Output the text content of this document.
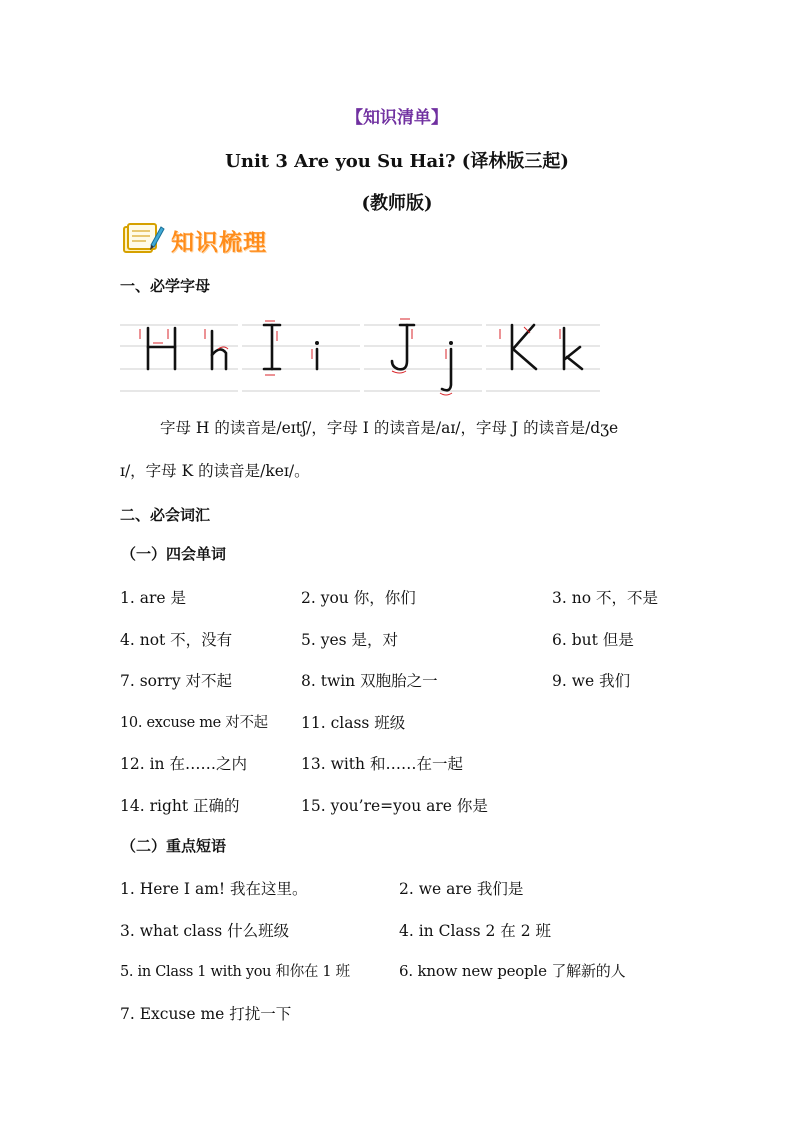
【知识清单】
Unit 3 Are you Su Hai? (译林版三起)
(教师版)
知识梳理
一、必学字母
字母 H 的读音是/eɪtʃ/，字母 I 的读音是/aɪ/，字母 J 的读音是/dʒe
ɪ/，字母 K 的读音是/keɪ/。
二、必会词汇
（一）四会单词
1. are 是	2. you 你，你们	3. no 不，不是
4. not 不，没有	5. yes 是，对	6. but 但是
7. sorry 对不起	8. twin 双胞胎之一	9. we 我们
10. excuse me 对不起 11. class 班级
12. in 在……之内	13. with 和……在一起
14. right 正确的	15. you’re=you are 你是
（二）重点短语
1. Here I am! 我在这里。	2. we are 我们是
3. what class 什么班级	4. in Class 2 在 2 班
5. in Class 1 with you 和你在 1 班	6. know new people 了解新的人
7. Excuse me 打扰一下
